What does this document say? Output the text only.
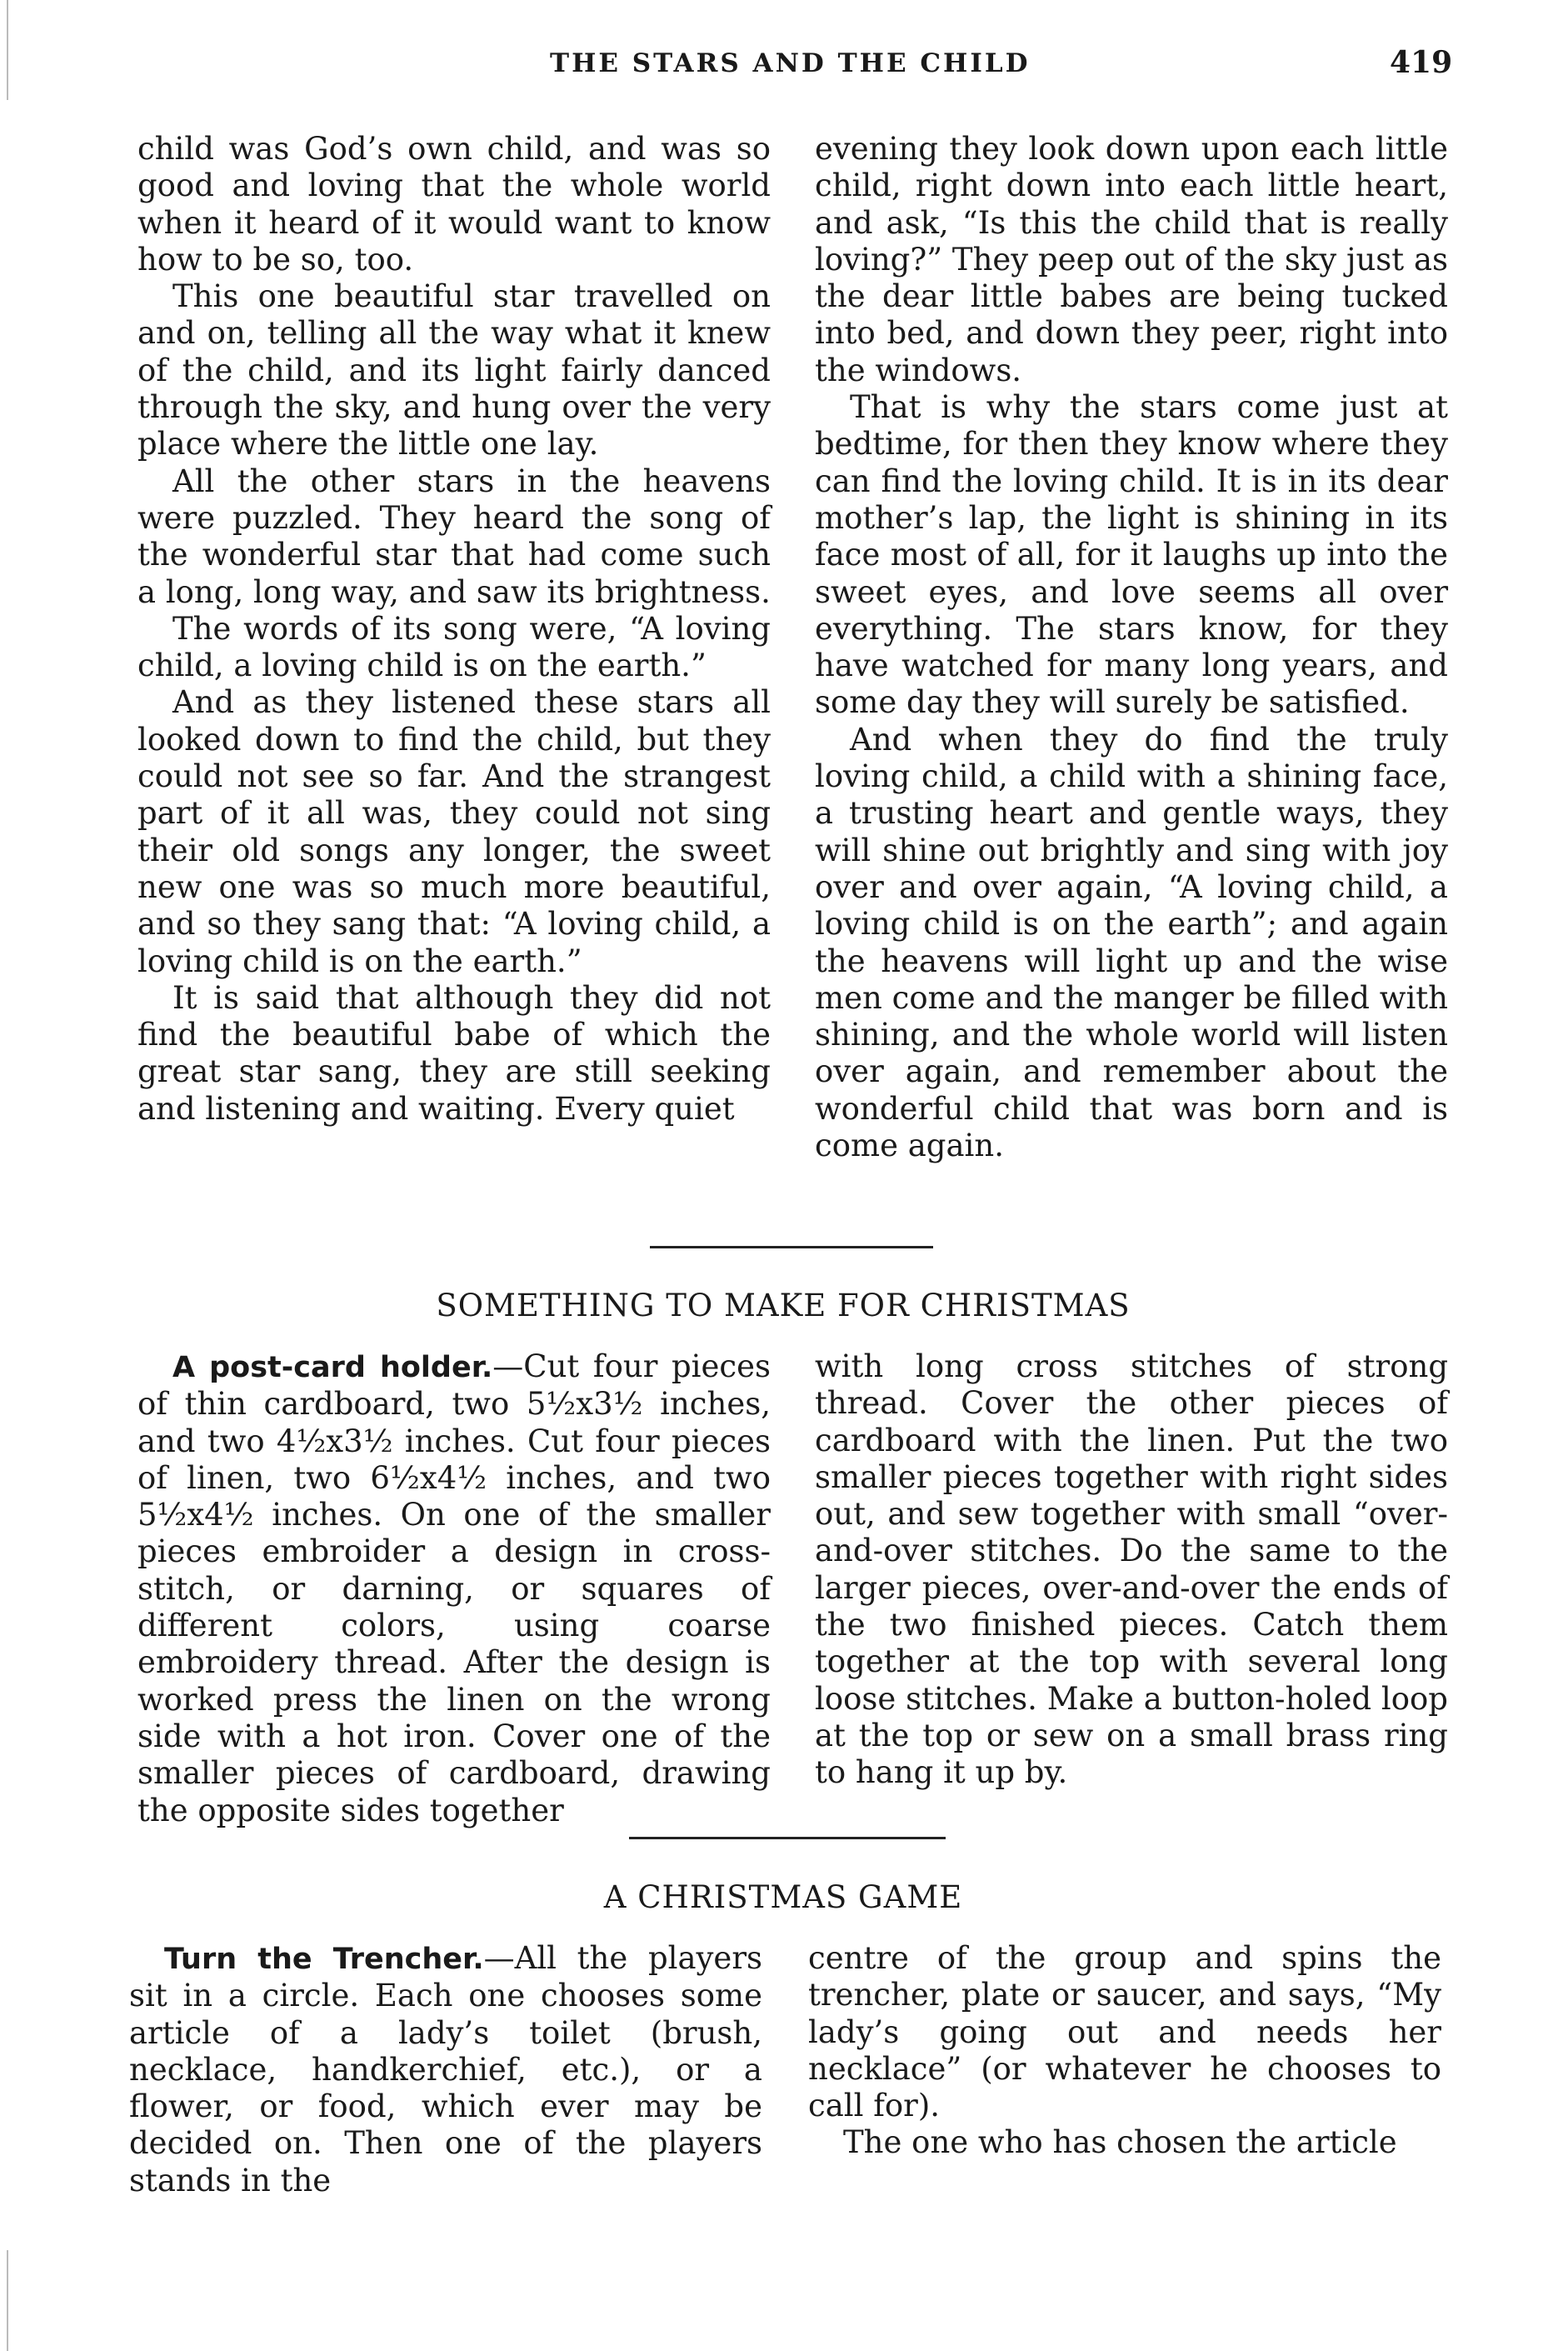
THE STARS AND THE CHILD	419

child was God’s own child, and was so good and loving that the whole world when it heard of it would want to know how to be so, too.

This one beautiful star travelled on and on, telling all the way what it knew of the child, and its light fairly danced through the sky, and hung over the very place where the little one lay.

All the other stars in the heavens were puzzled. They heard the song of the wonderful star that had come such a long, long way, and saw its brightness.

The words of its song were, “A loving child, a loving child is on the earth.”

And as they listened these stars all looked down to find the child, but they could not see so far. And the strangest part of it all was, they could not sing their old songs any longer, the sweet new one was so much more beautiful, and so they sang that: “A loving child, a loving child is on the earth.”

It is said that although they did not find the beautiful babe of which the great star sang, they are still seeking and listening and waiting. Every quiet

evening they look down upon each little child, right down into each little heart, and ask, “Is this the child that is really loving?” They peep out of the sky just as the dear little babes are being tucked into bed, and down they peer, right into the windows.

That is why the stars come just at bedtime, for then they know where they can find the loving child. It is in its dear mother’s lap, the light is shining in its face most of all, for it laughs up into the sweet eyes, and love seems all over everything. The stars know, for they have watched for many long years, and some day they will surely be satisfied.

And when they do find the truly loving child, a child with a shining face, a trusting heart and gentle ways, they will shine out brightly and sing with joy over and over again, “A loving child, a loving child is on the earth”; and again the heavens will light up and the wise men come and the manger be filled with shining, and the whole world will listen over again, and remember about the wonderful child that was born and is come again.

SOMETHING TO MAKE FOR CHRISTMAS

A post-card holder.—Cut four pieces of thin cardboard, two 5½x3½ inches, and two 4½x3½ inches. Cut four pieces of linen, two 6½x4½ inches, and two 5½x4½ inches. On one of the smaller pieces embroider a design in cross-stitch, or darning, or squares of different colors, using coarse embroidery thread. After the design is worked press the linen on the wrong side with a hot iron. Cover one of the smaller pieces of cardboard, drawing the opposite sides together

with long cross stitches of strong thread. Cover the other pieces of cardboard with the linen. Put the two smaller pieces together with right sides out, and sew together with small “over-and-over stitches. Do the same to the larger pieces, over-and-over the ends of the two finished pieces. Catch them together at the top with several long loose stitches. Make a button-holed loop at the top or sew on a small brass ring to hang it up by.

A CHRISTMAS GAME

Turn the Trencher.—All the players sit in a circle. Each one chooses some article of a lady’s toilet (brush, necklace, handkerchief, etc.), or a flower, or food, which ever may be decided on. Then one of the players stands in the

centre of the group and spins the trencher, plate or saucer, and says, “My lady’s going out and needs her necklace” (or whatever he chooses to call for).

The one who has chosen the article
